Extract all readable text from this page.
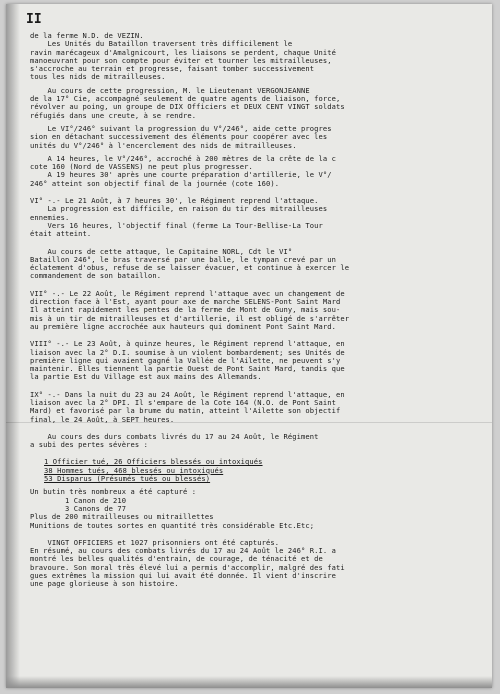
II

de la ferme N.D. de VEZIN.

Les Unités du Bataillon traversent très difficilement le

ravin marécageux d'Amalgnicourt, les liaisons se perdent, chaque Unité

manoeuvrant pour son compte pour éviter et tourner les mitrailleuses,

s'accroche au terrain et progresse, faisant tomber successivement

tous les nids de mitrailleuses.

Au cours de cette progression, M. le Lieutenant VERGONJEANNE

de la 17° Cie, accompagné seulement de quatre agents de liaison, force,

révolver au poing, un groupe de DIX Officiers et DEUX CENT VINGT soldats

réfugiés dans une creute, à se rendre.

Le VI°/246° suivant la progression du V°/246°, aide cette progres

sion en détachant successivement des éléments pour coopérer avec les

unités du V°/246° à l'encerclement des nids de mitrailleuses.

A 14 heures, le V°/246°, accroché à 200 mètres de la crête de la c

cote 160 (Nord de VASSENS) ne peut plus progresser.

A 19 heures 30' après une courte préparation d'artillerie, le V°/

246° atteint son objectif final de la journée (cote 160).

VI° -.- Le 21 Août, à 7 heures 30', le Régiment reprend l'attaque.

La progression est difficile, en raison du tir des mitrailleuses

ennemies.

Vers 16 heures, l'objectif final (ferme La Tour-Bellise-La Tour

était atteint.

Au cours de cette attaque, le Capitaine NORL, Cdt le VI°

Bataillon 246°, le bras traversé par une balle, le tympan crevé par un

éclatement d'obus, refuse de se laisser évacuer, et continue à exercer le

commandement de son bataillon.

VII° -.- Le 22 Août, le Régiment reprend l'attaque avec un changement de

direction face à l'Est, ayant pour axe de marche SELENS-Pont Saint Mard

Il atteint rapidement les pentes de la ferme de Mont de Guny, mais sou-

mis à un tir de mitrailleuses et d'artillerie, il est obligé de s'arrêter

au première ligne accrochée aux hauteurs qui dominent Pont Saint Mard.

VIII° -.- Le 23 Août, à quinze heures, le Régiment reprend l'attaque, en

liaison avec la 2° D.I. soumise à un violent bombardement; ses Unités de

première ligne qui avaient gagné la Vallée de l'Ailette, ne peuvent s'y

maintenir. Elles tiennent la partie Ouest de Pont Saint Mard, tandis que

la partie Est du Village est aux mains des Allemands.

IX° -.- Dans la nuit du 23 au 24 Août, le Régiment reprend l'attaque, en

liaison avec la 2° DPI. Il s'empare de la Cote 164 (N.O. de Pont Saint

Mard) et favorisé par la brume du matin, atteint l'Ailette son objectif

final, le 24 Août, à SEPT heures.

Au cours des durs combats livrés du 17 au 24 Août, le Régiment

a subi des pertes sévères :

1 Officier tué, 26 Officiers blessés ou intoxiqués

38 Hommes tués, 468 blessés ou intoxiqués

53 Disparus (Présumés tués ou blessés)

Un butin très nombreux a été capturé :

1 Canon de 210

3 Canons de 77

Plus de 200 mitrailleuses ou mitraillettes

Munitions de toutes sortes en quantité très considérable Etc.Etc;

VINGT OFFICIERS et 1027 prisonniers ont été capturés.

En résumé, au cours des combats livrés du 17 au 24 Août le 246° R.I. a

montré les belles qualités d'entrain, de courage, de ténacité et de

bravoure. Son moral très élevé lui a permis d'accomplir, malgré des fati

gues extrêmes la mission qui lui avait été donnée. Il vient d'inscrire

une page glorieuse à son histoire.
